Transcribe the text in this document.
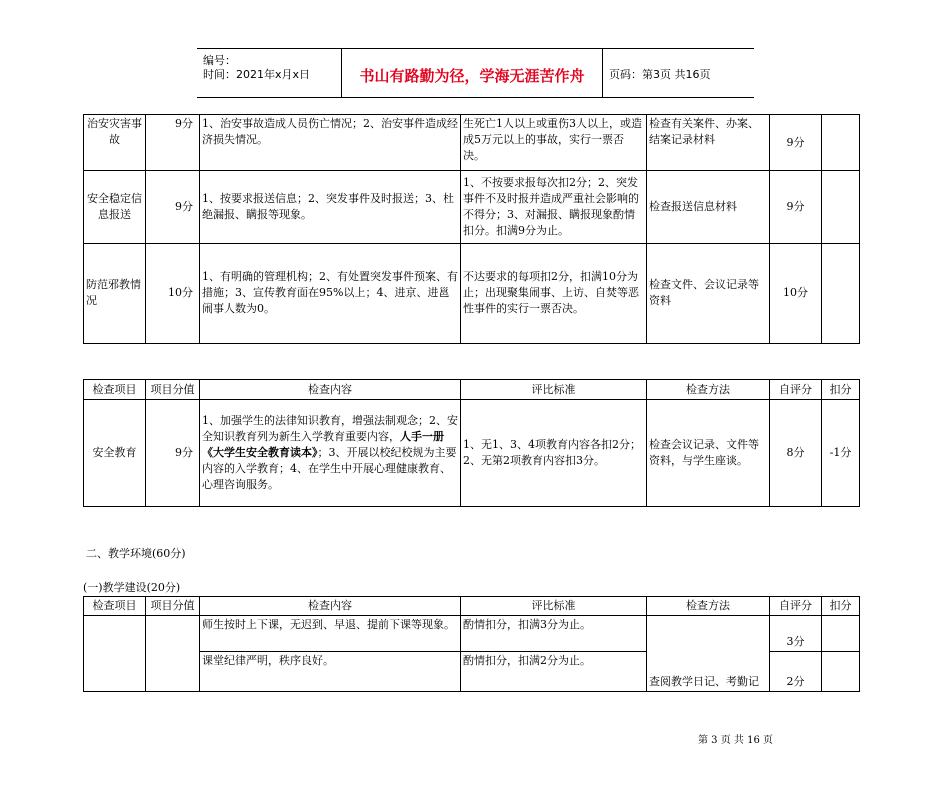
编号：
时间：2021年x月x日	书山有路勤为径，学海无涯苦作舟	页码：第3页 共16页
治安灾害事故	9分	1、治安事故造成人员伤亡情况；2、治安事件造成经济损失情况。	生死亡1人以上或重伤3人以上，或造成5万元以上的事故，实行一票否决。	检查有关案件、办案、结案记录材料	9分	
安全稳定信息报送	9分	1、按要求报送信息；2、突发事件及时报送；3、杜绝漏报、瞒报等现象。	1、不按要求报每次扣2分；2、突发事件不及时报并造成严重社会影响的不得分；3、对漏报、瞒报现象酌情扣分。扣满9分为止。	检查报送信息材料	9分	
防范邪教情况	10分	1、有明确的管理机构；2、有处置突发事件预案、有措施；3、宣传教育面在95%以上；4、进京、进邕闹事人数为0。	不达要求的每项扣2分，扣满10分为止；出现聚集闹事、上访、自焚等恶性事件的实行一票否决。	检查文件、会议记录等资料	10分	
检查项目	项目分值	检查内容	评比标准	检查方法	自评分	扣分
安全教育	9分	1、加强学生的法律知识教育，增强法制观念；2、安全知识教育列为新生入学教育重要内容，人手一册《大学生安全教育读本》；3、开展以校纪校规为主要内容的入学教育；4、在学生中开展心理健康教育、心理咨询服务。	1、无1、3、4项教育内容各扣2分；2、无第2项教育内容扣3分。	检查会议记录、文件等资料，与学生座谈。	8分	-1分
二、教学环境(60分)
(一)教学建设(20分)
检查项目	项目分值	检查内容	评比标准	检查方法	自评分	扣分
		师生按时上下课，无迟到、早退、提前下课等现象。	酌情扣分，扣满3分为止。	查阅教学日记、考勤记	3分	
		课堂纪律严明，秩序良好。	酌情扣分，扣满2分为止。		2分	
第 3 页 共 16 页
